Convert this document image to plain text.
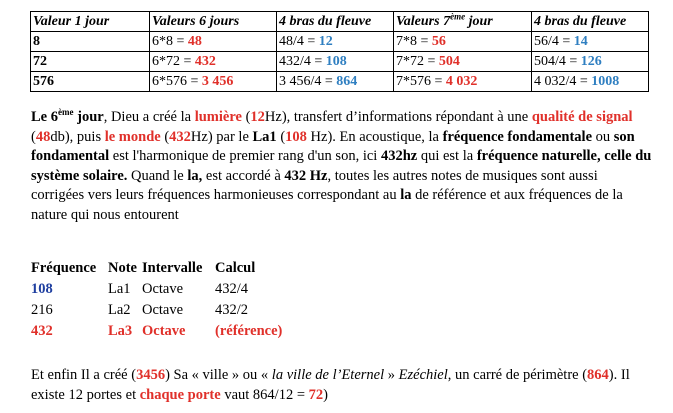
Valeur 1 jour	Valeurs 6 jours	4 bras du fleuve	Valeurs 7ème jour	4 bras du fleuve
8	6*8 = 48	48/4 = 12	7*8 = 56	56/4 = 14
72	6*72 = 432	432/4 = 108	7*72 = 504	504/4 = 126
576	6*576 = 3 456	3 456/4 = 864	7*576 = 4 032	4 032/4 = 1008
Le 6ème jour, Dieu a créé la lumière (12Hz), transfert d’informations répondant à une qualité de signal (48db), puis le monde (432Hz) par le La1 (108 Hz). En acoustique, la fréquence fondamentale ou son fondamental est l'harmonique de premier rang d'un son, ici 432hz qui est la fréquence naturelle, celle du système solaire. Quand le la, est accordé à 432 Hz, toutes les autres notes de musiques sont aussi corrigées vers leurs fréquences harmonieuses correspondant au la de référence et aux fréquences de la nature qui nous entourent
Fréquence Note Intervalle Calcul
108	La1 Octave 432/4
216	La2 Octave 432/2
432	La3 Octave (référence)
Et enfin Il a créé (3456) Sa « ville » ou « la ville de l’Eternel » Ezéchiel, un carré de périmètre (864). Il existe 12 portes et chaque porte vaut 864/12 = 72)
